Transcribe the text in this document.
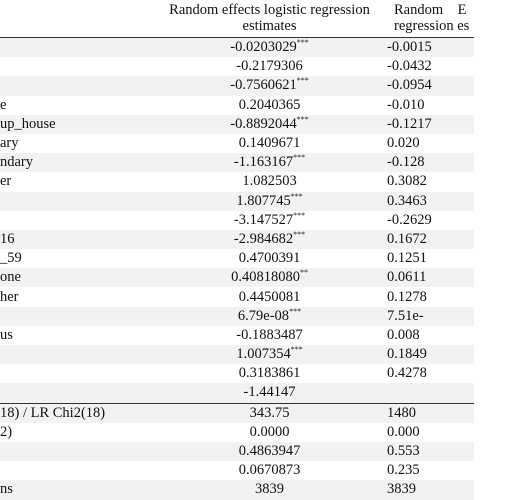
Random effects logistic regression
estimates
Random    E
regression es
	-0.0203029***	-0.0015
	-0.2179306	-0.0432
	-0.7560621***	-0.0954
e	0.2040365	-0.010
up_house	-0.8892044***	-0.1217
ary	0.1409671	0.020
ndary	-1.163167***	-0.128
er	1.082503	0.3082
	1.807745***	0.3463
	-3.147527***	-0.2629
16	-2.984682***	0.1672
_59	0.4700391	0.1251
one	0.40818080**	0.0611
her	0.4450081	0.1278
	6.79e-08***	7.51e-
us	-0.1883487	0.008
	1.007354***	0.1849
	0.3183861	0.4278
	-1.44147	
18) / LR Chi2(18)	343.75	1480
2)	0.0000	0.000
	0.4863947	0.553
	0.0670873	0.235
ns	3839	3839
